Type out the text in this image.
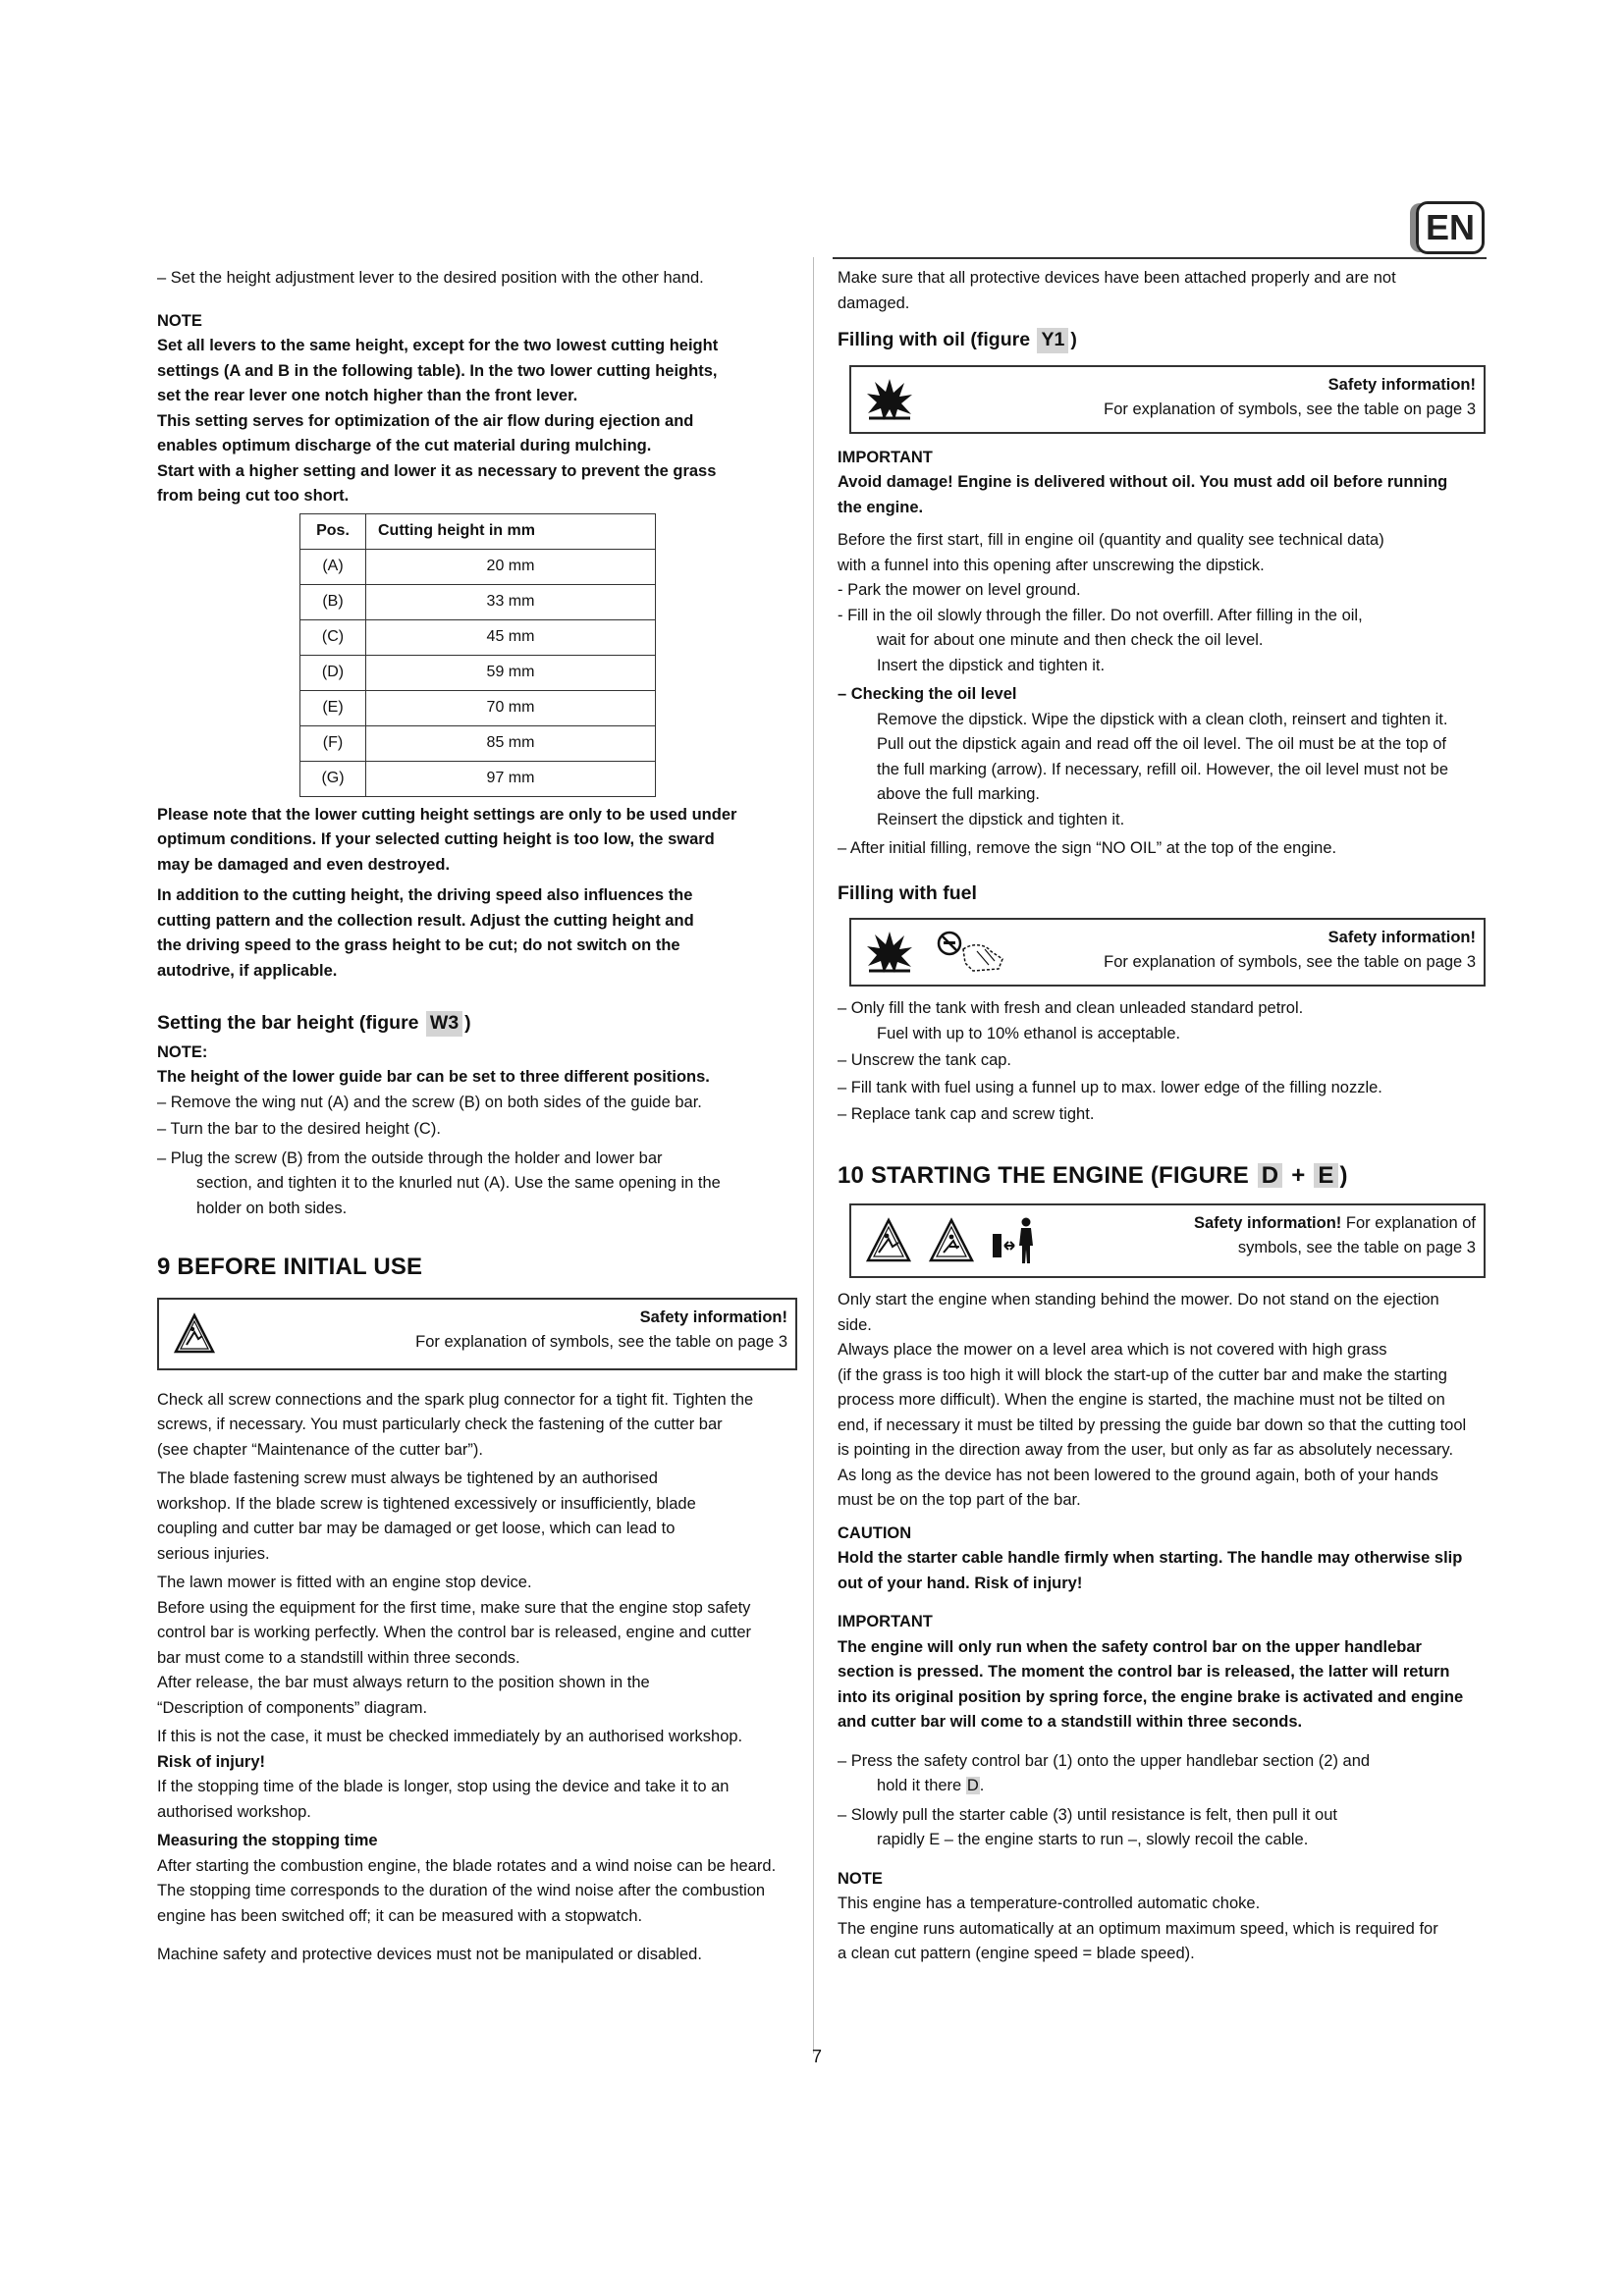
EN

– Set the height adjustment lever to the desired position with the other hand.

NOTE

Set all levers to the same height, except for the two lowest cutting height

settings (A and B in the following table). In the two lower cutting heights,

set the rear lever one notch higher than the front lever.

This setting serves for optimization of the air flow during ejection and

enables optimum discharge of the cut material during mulching.

Start with a higher setting and lower it as necessary to prevent the grass

from being cut too short.

Pos.	Cutting height in mm
(A)	20 mm
(B)	33 mm
(C)	45 mm
(D)	59 mm
(E)	70 mm
(F)	85 mm
(G)	97 mm

Please note that the lower cutting height settings are only to be used under

optimum conditions. If your selected cutting height is too low, the sward

may be damaged and even destroyed.

In addition to the cutting height, the driving speed also influences the

cutting pattern and the collection result. Adjust the cutting height and

the driving speed to the grass height to be cut; do not switch on the

autodrive, if applicable.

Setting the bar height (figure W3 )

NOTE:

The height of the lower guide bar can be set to three different positions.

– Remove the wing nut (A) and the screw (B) on both sides of the guide bar.

– Turn the bar to the desired height (C).

– Plug the screw (B) from the outside through the holder and lower bar

section, and tighten it to the knurled nut (A). Use the same opening in the

holder on both sides.

9 BEFORE INITIAL USE

Safety information!

For explanation of symbols, see the table on page 3

Check all screw connections and the spark plug connector for a tight fit. Tighten the

screws, if necessary. You must particularly check the fastening of the cutter bar

(see chapter “Maintenance of the cutter bar”).

The blade fastening screw must always be tightened by an authorised

workshop. If the blade screw is tightened excessively or insufficiently, blade

coupling and cutter bar may be damaged or get loose, which can lead to

serious injuries.

The lawn mower is fitted with an engine stop device.

Before using the equipment for the first time, make sure that the engine stop safety

control bar is working perfectly. When the control bar is released, engine and cutter

bar must come to a standstill within three seconds.

After release, the bar must always return to the position shown in the

“Description of components” diagram.

If this is not the case, it must be checked immediately by an authorised workshop.

Risk of injury!

If the stopping time of the blade is longer, stop using the device and take it to an

authorised workshop.

Measuring the stopping time

After starting the combustion engine, the blade rotates and a wind noise can be heard.

The stopping time corresponds to the duration of the wind noise after the combustion

engine has been switched off; it can be measured with a stopwatch.

Machine safety and protective devices must not be manipulated or disabled.

Make sure that all protective devices have been attached properly and are not

damaged.

Filling with oil (figure Y1 )

Safety information!

For explanation of symbols, see the table on page 3

IMPORTANT

Avoid damage! Engine is delivered without oil. You must add oil before running

the engine.

Before the first start, fill in engine oil (quantity and quality see technical data)

with a funnel into this opening after unscrewing the dipstick.

- Park the mower on level ground.

- Fill in the oil slowly through the filler. Do not overfill. After filling in the oil,

wait for about one minute and then check the oil level.

Insert the dipstick and tighten it.

– Checking the oil level

Remove the dipstick. Wipe the dipstick with a clean cloth, reinsert and tighten it.

Pull out the dipstick again and read off the oil level. The oil must be at the top of

the full marking (arrow). If necessary, refill oil. However, the oil level must not be

above the full marking.

Reinsert the dipstick and tighten it.

– After initial filling, remove the sign “NO OIL” at the top of the engine.

Filling with fuel

Safety information!

For explanation of symbols, see the table on page 3

– Only fill the tank with fresh and clean unleaded standard petrol.

Fuel with up to 10% ethanol is acceptable.

– Unscrew the tank cap.

– Fill tank with fuel using a funnel up to max. lower edge of the filling nozzle.

– Replace tank cap and screw tight.

10 STARTING THE ENGINE (FIGURE D + E )

Safety information! For explanation of

symbols, see the table on page 3

Only start the engine when standing behind the mower. Do not stand on the ejection

side.

Always place the mower on a level area which is not covered with high grass

(if the grass is too high it will block the start-up of the cutter bar and make the starting

process more difficult). When the engine is started, the machine must not be tilted on

end, if necessary it must be tilted by pressing the guide bar down so that the cutting tool

is pointing in the direction away from the user, but only as far as absolutely necessary.

As long as the device has not been lowered to the ground again, both of your hands

must be on the top part of the bar.

CAUTION

Hold the starter cable handle firmly when starting. The handle may otherwise slip

out of your hand. Risk of injury!

IMPORTANT

The engine will only run when the safety control bar on the upper handlebar

section is pressed. The moment the control bar is released, the latter will return

into its original position by spring force, the engine brake is activated and engine

and cutter bar will come to a standstill within three seconds.

– Press the safety control bar (1) onto the upper handlebar section (2) and

hold it there D.

– Slowly pull the starter cable (3) until resistance is felt, then pull it out

rapidly E – the engine starts to run –, slowly recoil the cable.

NOTE

This engine has a temperature-controlled automatic choke.

The engine runs automatically at an optimum maximum speed, which is required for

a clean cut pattern (engine speed = blade speed).

7
